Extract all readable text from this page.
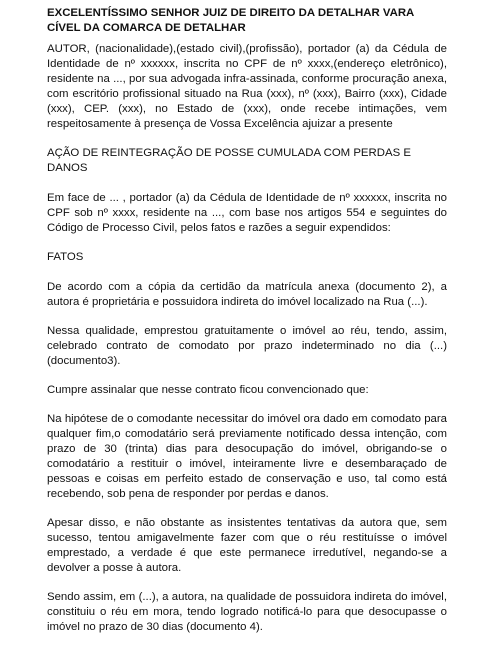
EXCELENTÍSSIMO SENHOR JUIZ DE DIREITO DA DETALHAR VARA CÍVEL DA COMARCA DE DETALHAR
AUTOR, (nacionalidade),(estado civil),(profissão), portador (a) da Cédula de Identidade de nº xxxxxx, inscrita no CPF de nº xxxx,(endereço eletrônico), residente na ..., por sua advogada infra-assinada, conforme procuração anexa, com escritório profissional situado na Rua (xxx), nº (xxx), Bairro (xxx), Cidade (xxx), CEP. (xxx), no Estado de (xxx), onde recebe intimações, vem respeitosamente à presença de Vossa Excelência ajuizar a presente
AÇÃO DE REINTEGRAÇÃO DE POSSE CUMULADA COM PERDAS E DANOS
Em face de ... , portador (a) da Cédula de Identidade de nº xxxxxx, inscrita no CPF sob nº xxxx, residente na ..., com base nos artigos 554 e seguintes do Código de Processo Civil, pelos fatos e razões a seguir expendidos:
FATOS
De acordo com a cópia da certidão da matrícula anexa (documento 2), a autora é proprietária e possuidora indireta do imóvel localizado na Rua (...).
Nessa qualidade, emprestou gratuitamente o imóvel ao réu, tendo, assim, celebrado contrato de comodato por prazo indeterminado no dia (...) (documento3).
Cumpre assinalar que nesse contrato ficou convencionado que:
Na hipótese de o comodante necessitar do imóvel ora dado em comodato para qualquer fim,o comodatário será previamente notificado dessa intenção, com prazo de 30 (trinta) dias para desocupação do imóvel, obrigando-se o comodatário a restituir o imóvel, inteiramente livre e desembaraçado de pessoas e coisas em perfeito estado de conservação e uso, tal como está recebendo, sob pena de responder por perdas e danos.
Apesar disso, e não obstante as insistentes tentativas da autora que, sem sucesso, tentou amigavelmente fazer com que o réu restituísse o imóvel emprestado, a verdade é que este permanece irredutível, negando-se a devolver a posse à autora.
Sendo assim, em (...), a autora, na qualidade de possuidora indireta do imóvel, constituiu o réu em mora, tendo logrado notificá-lo para que desocupasse o imóvel no prazo de 30 dias (documento 4).
